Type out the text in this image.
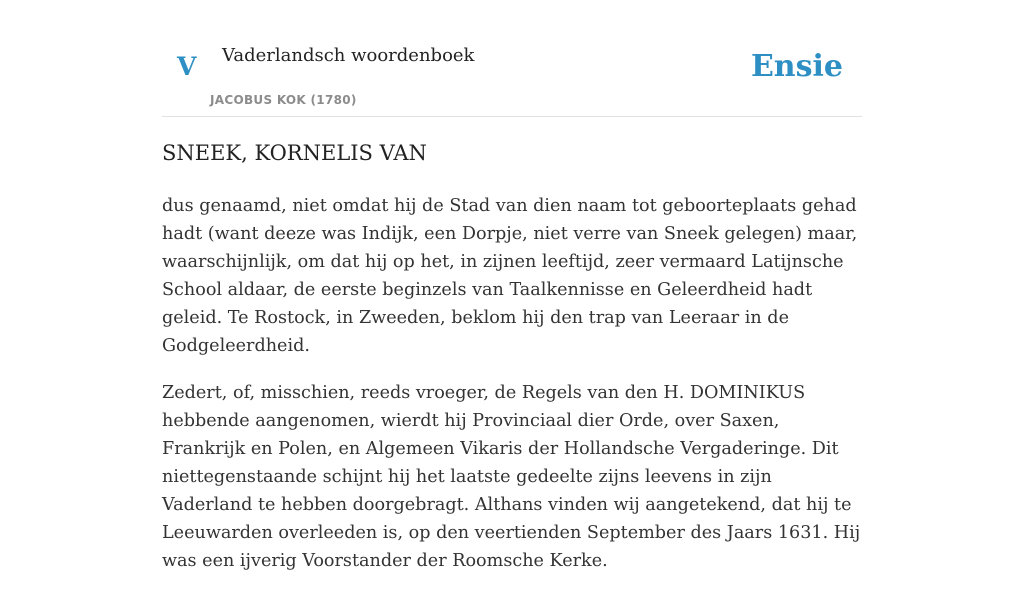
V Vaderlandsch woordenboek
JACOBUS KOK (1780)
Ensie
SNEEK, KORNELIS VAN

dus genaamd, niet omdat hij de Stad van dien naam tot geboorteplaats gehad hadt (want deeze was Indijk, een Dorpje, niet verre van Sneek gelegen) maar, waarschijnlijk, om dat hij op het, in zijnen leeftijd, zeer vermaard Latijnsche School aldaar, de eerste beginzels van Taalkennisse en Geleerdheid hadt geleid. Te Rostock, in Zweeden, beklom hij den trap van Leeraar in de Godgeleerdheid.

Zedert, of, misschien, reeds vroeger, de Regels van den H. DOMINIKUS hebbende aangenomen, wierdt hij Provinciaal dier Orde, over Saxen, Frankrijk en Polen, en Algemeen Vikaris der Hollandsche Vergaderinge. Dit niettegenstaande schijnt hij het laatste gedeelte zijns leevens in zijn Vaderland te hebben doorgebragt. Althans vinden wij aangetekend, dat hij te Leeuwarden overleeden is, op den veertienden September des Jaars 1631. Hij was een ijverig Voorstander der Roomsche Kerke.
